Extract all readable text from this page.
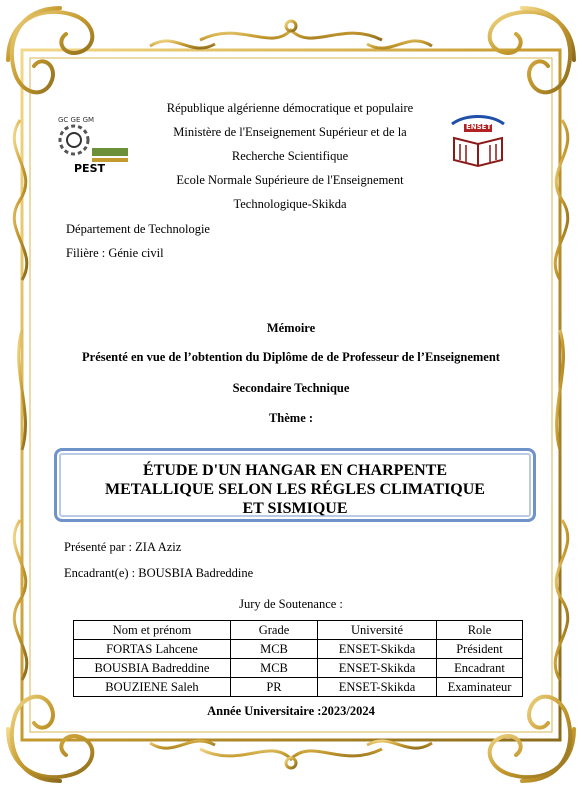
GC GE GM
PEST
ENSET
République algérienne démocratique et populaire
Ministère de l'Enseignement Supérieur et de la
Recherche Scientifique
Ecole Normale Supérieure de l'Enseignement
Technologique-Skikda
Département de Technologie
Filière : Génie civil
Mémoire
Présenté en vue de l’obtention du Diplôme de de Professeur de l’Enseignement
Secondaire Technique
Thème :
ÉTUDE D'UN HANGAR EN CHARPENTE
METALLIQUE SELON LES RÉGLES CLIMATIQUE
ET SISMIQUE
Présenté par : ZIA Aziz
Encadrant(e) : BOUSBIA Badreddine
Jury de Soutenance :
Nom et prénom	Grade	Université	Role
FORTAS Lahcene	MCB	ENSET-Skikda	Président
BOUSBIA Badreddine	MCB	ENSET-Skikda	Encadrant
BOUZIENE Saleh	PR	ENSET-Skikda	Examinateur
Année Universitaire :2023/2024
